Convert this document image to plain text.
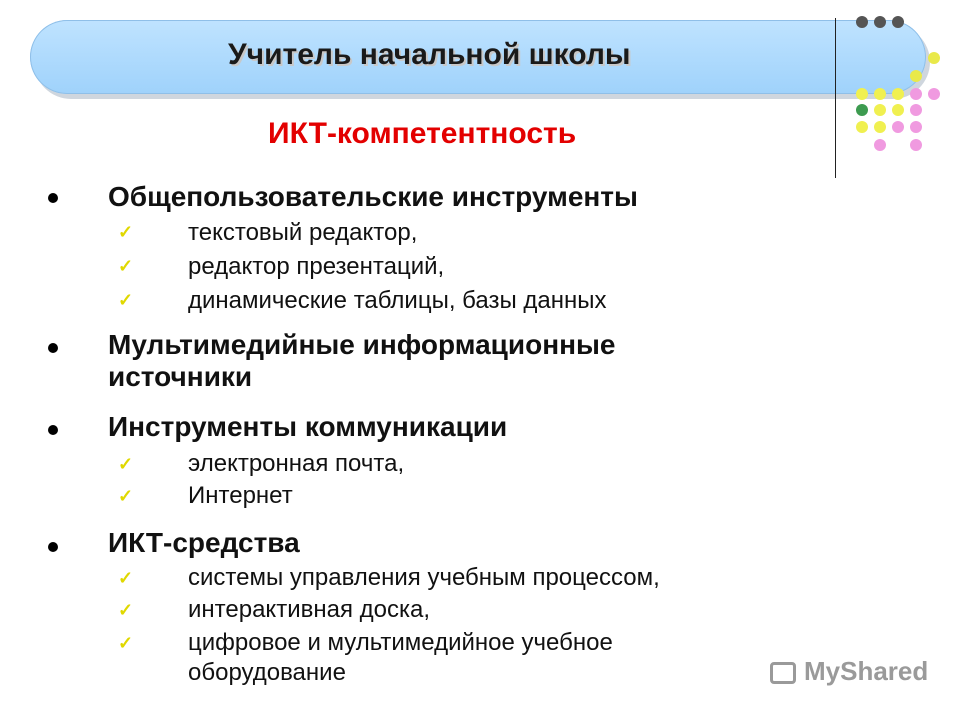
Учитель начальной школы
ИКТ-компетентность
Общепользовательские инструменты
✓ текстовый редактор,
✓ редактор презентаций,
✓ динамические таблицы, базы данных
Мультимедийные информационные
источники
Инструменты коммуникации
✓ электронная почта,
✓ Интернет
ИКТ-средства
✓ системы управления учебным процессом,
✓ интерактивная доска,
✓ цифровое и мультимедийное учебное
оборудование	MyShared
